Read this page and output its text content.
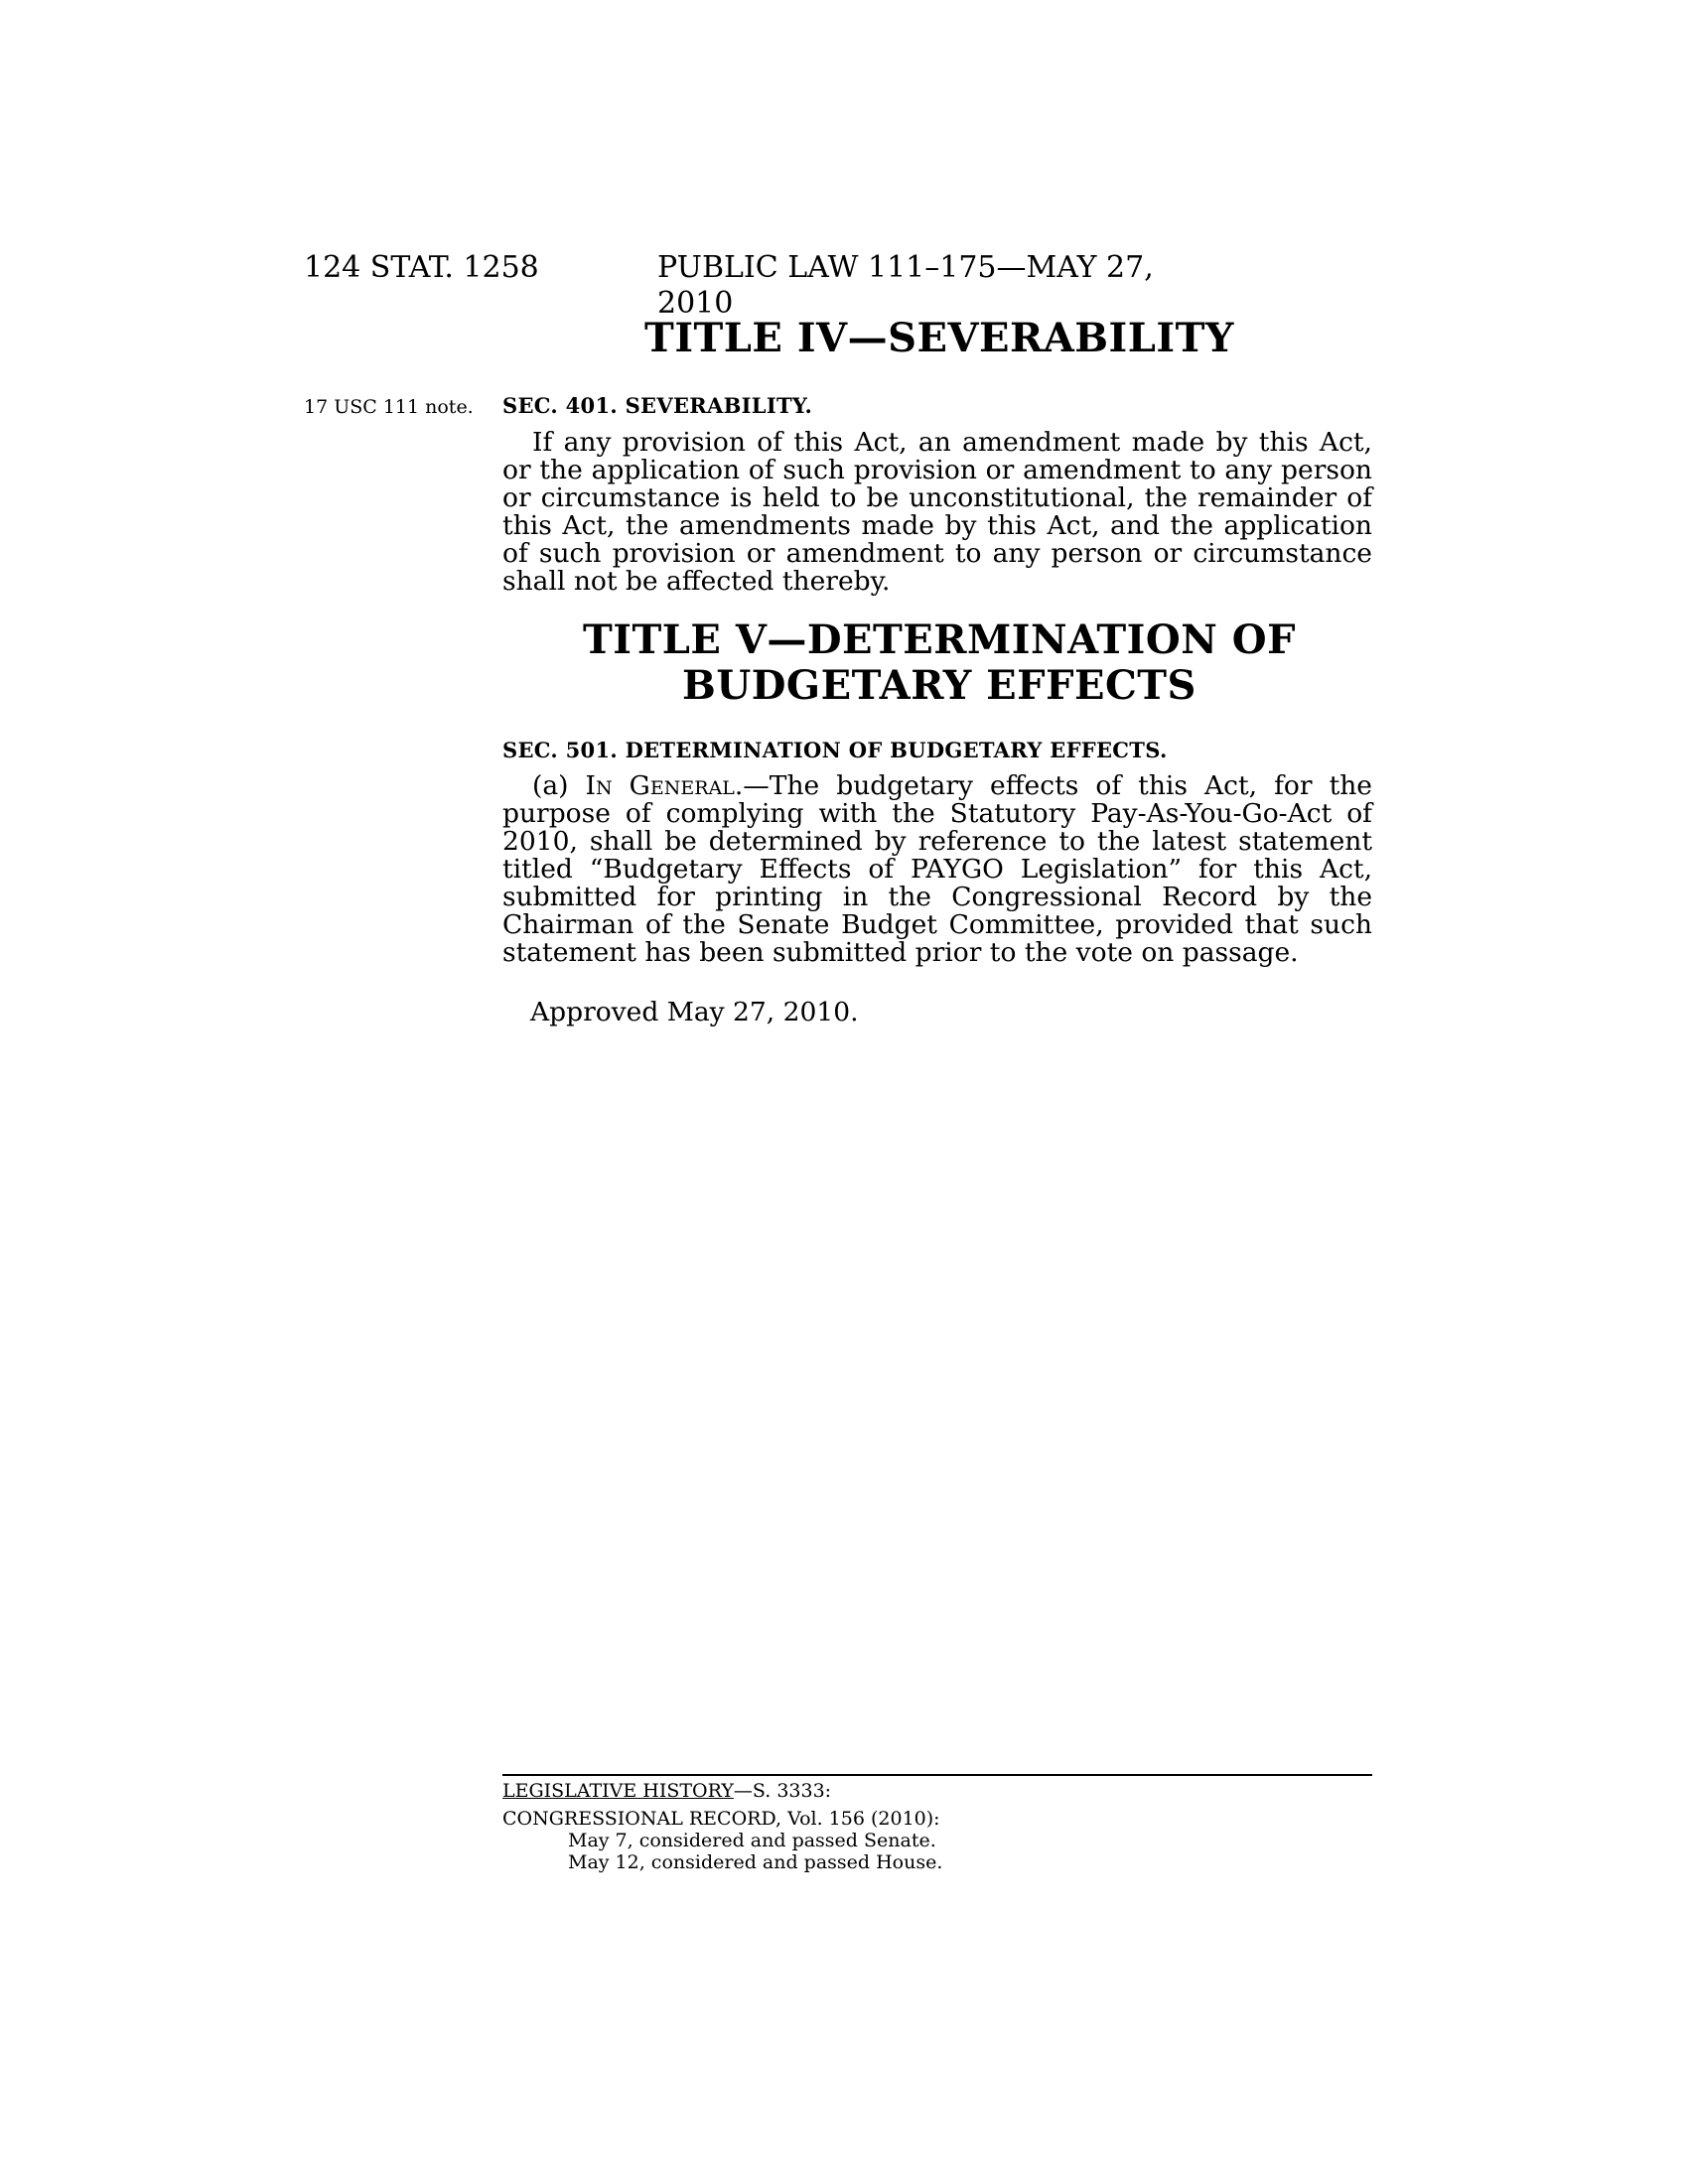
124 STAT. 1258	PUBLIC LAW 111–175—MAY 27, 2010
TITLE IV—SEVERABILITY
17 USC 111 note. SEC. 401. SEVERABILITY.

If any provision of this Act, an amendment made by this Act, or the application of such provision or amendment to any person or circumstance is held to be unconstitutional, the remainder of this Act, the amendments made by this Act, and the application of such provision or amendment to any person or circumstance shall not be affected thereby.

TITLE V—DETERMINATION OF
BUDGETARY EFFECTS
SEC. 501. DETERMINATION OF BUDGETARY EFFECTS.

(a) In General.—The budgetary effects of this Act, for the purpose of complying with the Statutory Pay-As-You-Go-Act of 2010, shall be determined by reference to the latest statement titled “Budgetary Effects of PAYGO Legislation” for this Act, submitted for printing in the Congressional Record by the Chairman of the Senate Budget Committee, provided that such statement has been submitted prior to the vote on passage.

Approved May 27, 2010.
LEGISLATIVE HISTORY—S. 3333:
CONGRESSIONAL RECORD, Vol. 156 (2010):
May 7, considered and passed Senate.
May 12, considered and passed House.
